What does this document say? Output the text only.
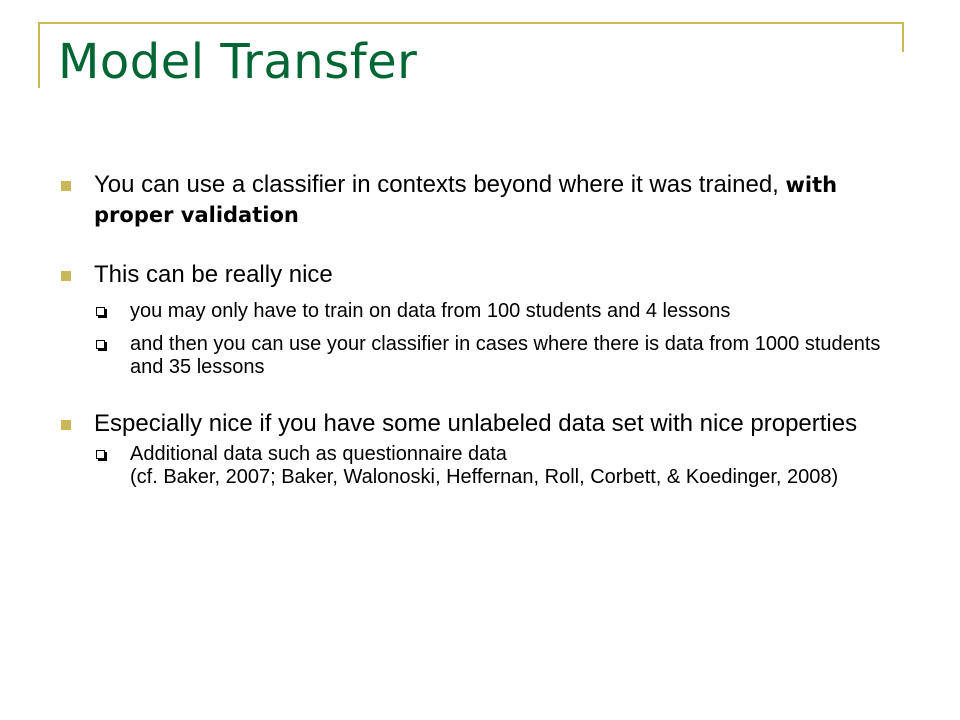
Model Transfer
You can use a classifier in contexts beyond where it was trained, with proper validation
This can be really nice
you may only have to train on data from 100 students and 4 lessons
and then you can use your classifier in cases where there is data from 1000 students and 35 lessons
Especially nice if you have some unlabeled data set with nice properties
Additional data such as questionnaire data
(cf. Baker, 2007; Baker, Walonoski, Heffernan, Roll, Corbett, & Koedinger, 2008)
